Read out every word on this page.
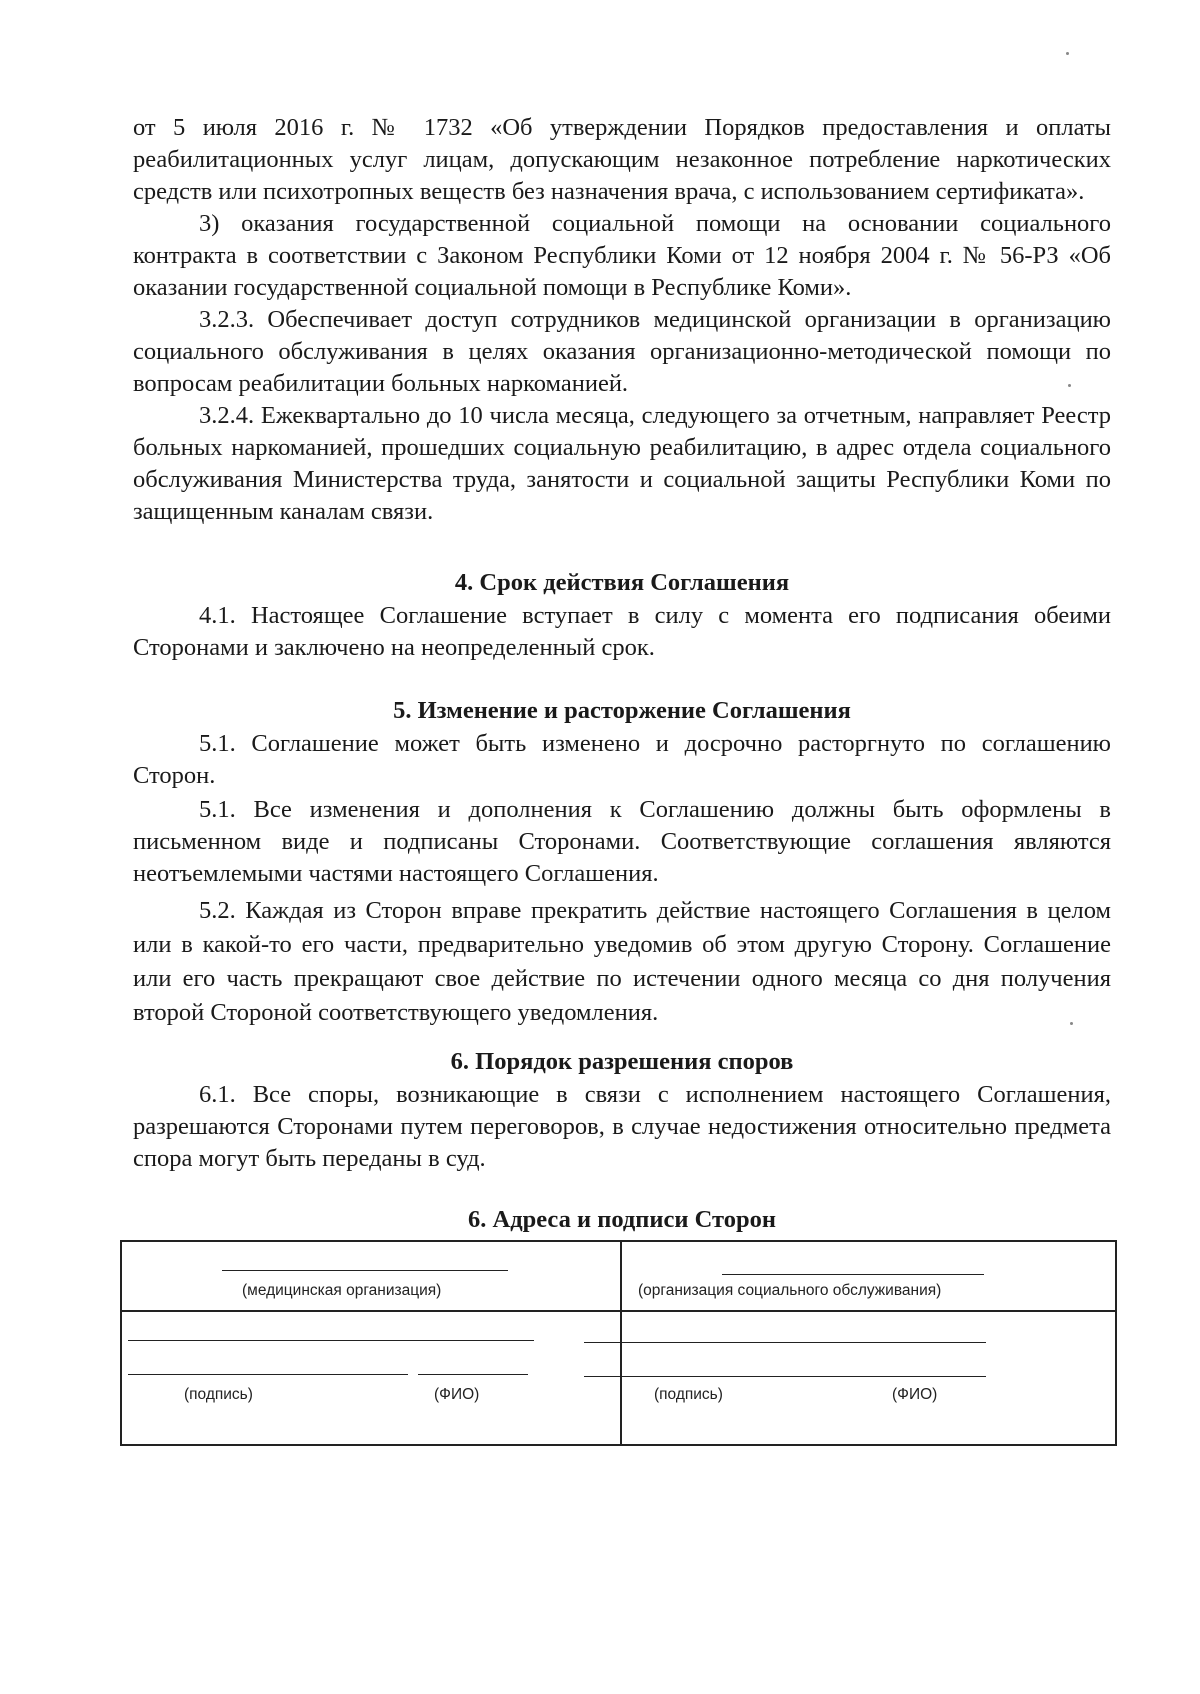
от 5 июля 2016 г. № 1732 «Об утверждении Порядков предоставления и оплаты реабилитационных услуг лицам, допускающим незаконное потребление наркотических средств или психотропных веществ без назначения врача, с использованием сертификата».

3) оказания государственной социальной помощи на основании социального контракта в соответствии с Законом Республики Коми от 12 ноября 2004 г. № 56-РЗ «Об оказании государственной социальной помощи в Республике Коми».

3.2.3. Обеспечивает доступ сотрудников медицинской организации в организацию социального обслуживания в целях оказания организационно-методической помощи по вопросам реабилитации больных наркоманией.

3.2.4. Ежеквартально до 10 числа месяца, следующего за отчетным, направляет Реестр больных наркоманией, прошедших социальную реабилитацию, в адрес отдела социального обслуживания Министерства труда, занятости и социальной защиты Республики Коми по защищенным каналам связи.

4. Срок действия Соглашения

4.1. Настоящее Соглашение вступает в силу с момента его подписания обеими Сторонами и заключено на неопределенный срок.

5. Изменение и расторжение Соглашения

5.1. Соглашение может быть изменено и досрочно расторгнуто по соглашению Сторон.

5.1. Все изменения и дополнения к Соглашению должны быть оформлены в письменном виде и подписаны Сторонами. Соответствующие соглашения являются неотъемлемыми частями настоящего Соглашения.

5.2. Каждая из Сторон вправе прекратить действие настоящего Соглашения в целом или в какой-то его части, предварительно уведомив об этом другую Сторону. Соглашение или его часть прекращают свое действие по истечении одного месяца со дня получения второй Стороной соответствующего уведомления.

6. Порядок разрешения споров

6.1. Все споры, возникающие в связи с исполнением настоящего Соглашения, разрешаются Сторонами путем переговоров, в случае недостижения относительно предмета спора могут быть переданы в суд.

6. Адреса и подписи Сторон
(медицинская организация)
(подпись)	(ФИО)
(организация социального обслуживания)
(подпись)	(ФИО)
